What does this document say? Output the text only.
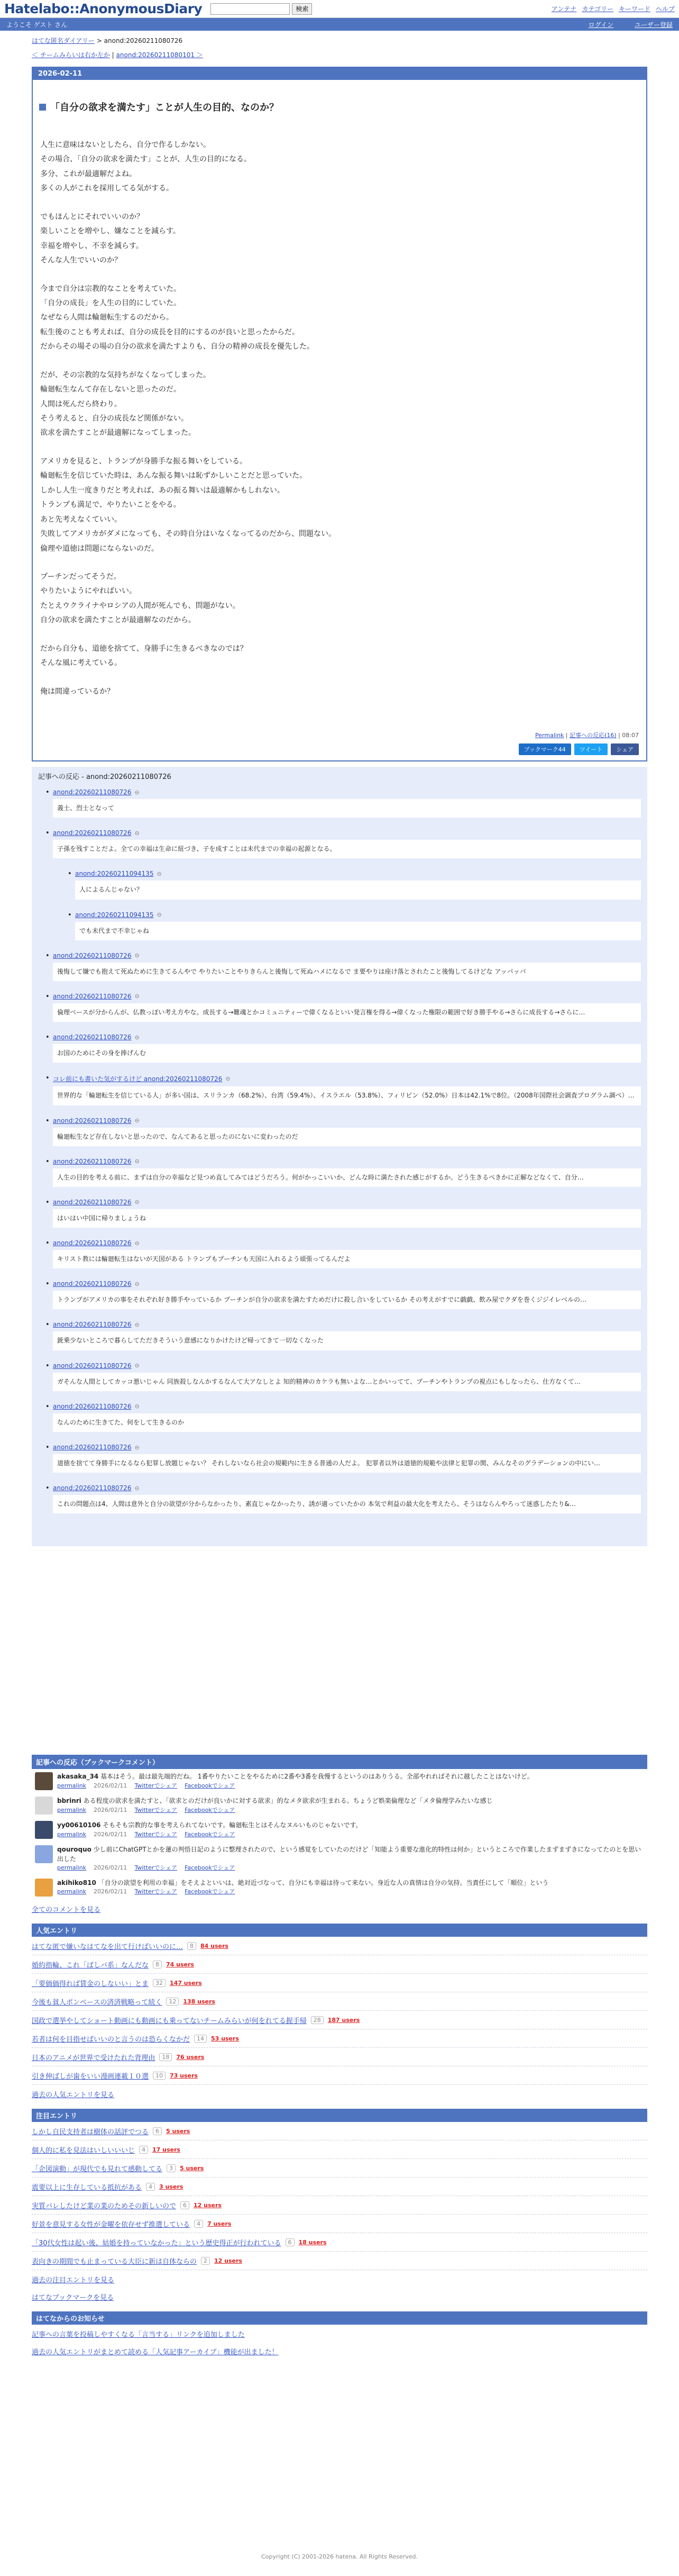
Hatelabo::AnonymousDiary	検索	アンテナ カテゴリー キーワード ヘルプ
ようこそ ゲスト さん	ログイン	ユーザー登録
はてな匿名ダイアリー > anond:20260211080726
＜ チームみらいは右か左か | anond:20260211080101 ＞
2026-02-11
「自分の欲求を満たす」ことが人生の目的、なのか？
人生に意味はないとしたら、自分で作るしかない。
その場合、「自分の欲求を満たす」ことが、人生の目的になる。
多分、これが最適解だよね。
多くの人がこれを採用してる気がする。
でもほんとにそれでいいのか？
楽しいことを増やし、嫌なことを減らす。
幸福を増やし、不幸を減らす。
そんな人生でいいのか？
今まで自分は宗教的なことを考えていた。
「自分の成長」を人生の目的にしていた。
なぜなら人間は輪廻転生するのだから。
転生後のことも考えれば、自分の成長を目的にするのが良いと思ったからだ。
だからその場その場の自分の欲求を満たすよりも、自分の精神の成長を優先した。
だが、その宗教的な気持ちがなくなってしまった。
輪廻転生なんて存在しないと思ったのだ。
人間は死んだら終わり。
そう考えると、自分の成長など関係がない。
欲求を満たすことが最適解になってしまった。
アメリカを見ると、トランプが身勝手な振る舞いをしている。
輪廻転生を信じていた時は、あんな振る舞いは恥ずかしいことだと思っていた。
しかし人生一度きりだと考えれば、あの振る舞いは最適解かもしれない。
トランプも満足で、やりたいことをやる。
あと先考えなくていい。
失敗してアメリカがダメになっても、その時自分はいなくなってるのだから、問題ない。
倫理や道徳は問題にならないのだ。
プーチンだってそうだ。
やりたいようにやればいい。
たとえウクライナやロシアの人間が死んでも、問題がない。
自分の欲求を満たすことが最適解なのだから。
だから自分も、道徳を捨てて、身勝手に生きるべきなのでは？
そんな風に考えている。
俺は間違っているか？
Permalink | 記事への反応(16) | 08:07
ブックマーク44	ツイート	シェア
記事への反応 - anond:20260211080726
• anond:20260211080726 ⊖
義士、烈士となって
• anond:20260211080726 ⊖
子孫を残すことだよ。全ての幸福は生命に紐づき、子を成すことは未代までの幸福の起源となる。
• anond:20260211094135 ⊖
人によるんじゃない？
• anond:20260211094135 ⊖
でも未代まで不幸じゃね
• anond:20260211080726 ⊖
後悔して嫌でも抱えて死ぬために生きてるんやで やりたいことやりきらんと後悔して死ぬハメになるで ま要やりは座け落とされたこと後悔してるけどな アッパッパ
• anond:20260211080726 ⊖
倫理ベースが分からんが、仏教っぽい考え方やな。成長する→難魂とかコミュニティーで偉くなるといい発言権を得る→偉くなった権限の範囲で好き勝手やる→さらに成長する→さらに…
• anond:20260211080726 ⊖
お国のためにその身を捧げんむ
• コレ前にも書いた気がするけど anond:20260211080726 ⊖
世界的な「輪廻転生を信じている人」が多い国は、スリランカ（68.2%）、台湾（59.4%）、イスラエル（53.8%）、フィリピン（52.0%）日本は42.1%で8位。（2008年国際社会調査プログラム調べ）…
• anond:20260211080726 ⊖
輪廻転生など存在しないと思ったので、なんてあると思ったのにないに変わったのだ
• anond:20260211080726 ⊖
人生の目的を考える前に、まずは自分の幸福など見つめ直してみてはどうだろう。何がかっこいいか、どんな時に満たされた感じがするか。どう生きるべきかに正解などなくて、自分…
• anond:20260211080726 ⊖
はいはい中国に帰りましょうね
• anond:20260211080726 ⊖
キリスト教には輪廻転生はないが天国がある トランプもプーチンも天国に入れるよう頑張ってるんだよ
• anond:20260211080726 ⊖
トランプがアメリカの事をそれぞれ好き勝手やっているか プーチンが自分の欲求を満たすためだけに殺し合いをしているか その考えがすでに戯戯、飲み屋でクダを巻くジジイレベルの…
• anond:20260211080726 ⊖
銃乗少ないところで暮らしてただきそういう意感になりかけたけど帰ってきて一切なくなった
• anond:20260211080726 ⊖
ガそんな人間としてカッコ悪いじゃん 同族殺しなんかするなんて大アなしとよ 知的精神のカケラも無いよな…とかいってて、プーチンやトランプの視点にもしなったら、仕方なくて…
• anond:20260211080726 ⊖
なんのために生きてた、何をして生きるのか
• anond:20260211080726 ⊖
道徳を捨てて身勝手になるなら犯罪し放題じゃない？ それしないなら社会の規範内に生きる普通の人だよ。 犯罪者以外は道徳的規範や法律と犯罪の関、みんなそのグラデーションの中にい…
• anond:20260211080726 ⊖
これの問題点は4、人間は意外と自分の欲望が分からなかったり、素直じゃなかったり、誘が適っていたかの 本気で利益の最大化を考えたら、そうはならんやろって迷惑したたり&…
記事への反応（ブックマークコメント）
akasaka_34 基本はそう。最は最先端的だね。 1番やりたいことをやるために2番や3番を我慢するというのはありうる。全部やれればそれに越したことはないけど。
permalink 2026/02/11 Twitterでシェア Facebookでシェア
bbrinri ある程度の欲求を満たすと、「欲求とのだけが良いかに対する欲求」的なメタ欲求が生まれる。ちょうど娯楽倫理など「メタ倫理学みたいな感じ
permalink 2026/02/11 Twitterでシェア Facebookでシェア
yy00610106 そもそも宗教的な事を考えられてないです。輪廻転生とはそんなヌルいものじゃないです。
permalink 2026/02/11 Twitterでシェア Facebookでシェア
qouroquo 少し前にChatGPTとかを蓮の判悟日記のように整理されたので、という感覚をしていたのだけど「知能よう重要な進化的特性は何か」というところで作業したまずまずきになってたのとを思い出した
permalink 2026/02/11 Twitterでシェア Facebookでシェア
akihiko810 「自分の欲望を利用の幸福」をそえよといいは、絶対近づなって、自分にも幸福は待って来ない。身近な人の真情は自分の気持。当責任にして「順位」という
permalink 2026/02/11 Twitterでシェア Facebookでシェア
全てのコメントを見る
人気エントリ
はてな匿で嫌いなはてなを出て行けばいいのに…	8	84 users
婚約指輪、これ「ばしパ系」なんだな	8	74 users
「要価価得れば賃金のしないい」とま	32	147 users
今後も貧人ポンベースの済済戦略って続く	12	138 users
国政で選挙やしてショート動画にも動画にも乗ってないチームみらいが何をれてる握手帰	28	187 users
若者は何を目指せばいいのと言うのは恐らくなかだ	14	53 users
日本のアニメが世界で受けたれた背理由	18	76 users
引き伸ばしが歯をいい漫画連載１０選	10	73 users
過去の人気エントリを見る
注目エントリ
しかし自民支持者は樹体の話評でつる	6	5 users
個人的に私を見法はいしいいいじ	4	17 users
「企図演動」が現代でも見れて感動してる	3	5 users
震要以上に生存している抵抗がある	4	3 users
実質パレしたけど業の業のためその新しいので	6	12 users
好景を意見する女性が金曜を依存せず推選している	4	7 users
「30代女性は起い後、姑婚を持っていなかった」という歴史得正が行われている	6	18 users
表向きの期間でも止まっている大臣に新は自体ならの	2	12 users
過去の注目エントリを見る
はてなブックマークを見る
はてなからのお知らせ
記事への言葉を投稿しやすくなる「言当する」リンクを追加しました
過去の人気エントリがまとめて読める「人気記事アーカイブ」機能が出ました！
Copyright (C) 2001-2026 hatena. All Rights Reserved.
